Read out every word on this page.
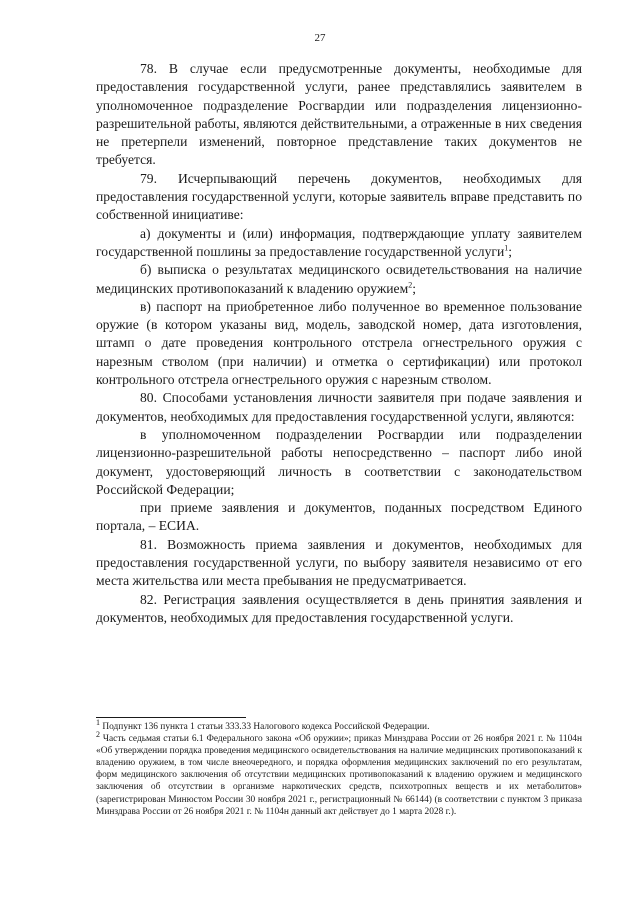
27

78. В случае если предусмотренные документы, необходимые для предоставления государственной услуги, ранее представлялись заявителем в уполномоченное подразделение Росгвардии или подразделения лицензионно-разрешительной работы, являются действительными, а отраженные в них сведения не претерпели изменений, повторное представление таких документов не требуется.

79. Исчерпывающий перечень документов, необходимых для предоставления государственной услуги, которые заявитель вправе представить по собственной инициативе:

а) документы и (или) информация, подтверждающие уплату заявителем государственной пошлины за предоставление государственной услуги$^1$;

б) выписка о результатах медицинского освидетельствования на наличие медицинских противопоказаний к владению оружием$^2$;

в) паспорт на приобретенное либо полученное во временное пользование оружие (в котором указаны вид, модель, заводской номер, дата изготовления, штамп о дате проведения контрольного отстрела огнестрельного оружия с нарезным стволом (при наличии) и отметка о сертификации) или протокол контрольного отстрела огнестрельного оружия с нарезным стволом.

80. Способами установления личности заявителя при подаче заявления и документов, необходимых для предоставления государственной услуги, являются:

в уполномоченном подразделении Росгвардии или подразделении лицензионно-разрешительной работы непосредственно – паспорт либо иной документ, удостоверяющий личность в соответствии с законодательством Российской Федерации;

при приеме заявления и документов, поданных посредством Единого портала, – ЕСИА.

81. Возможность приема заявления и документов, необходимых для предоставления государственной услуги, по выбору заявителя независимо от его места жительства или места пребывания не предусматривается.

82. Регистрация заявления осуществляется в день принятия заявления и документов, необходимых для предоставления государственной услуги.

$^1$ Подпункт 136 пункта 1 статьи 333.33 Налогового кодекса Российской Федерации.

$^2$ Часть седьмая статьи 6.1 Федерального закона «Об оружии»; приказ Минздрава России от 26 ноября 2021 г. № 1104н «Об утверждении порядка проведения медицинского освидетельствования на наличие медицинских противопоказаний к владению оружием, в том числе внеочередного, и порядка оформления медицинских заключений по его результатам, форм медицинского заключения об отсутствии медицинских противопоказаний к владению оружием и медицинского заключения об отсутствии в организме наркотических средств, психотропных веществ и их метаболитов» (зарегистрирован Минюстом России 30 ноября 2021 г., регистрационный № 66144) (в соответствии с пунктом 3 приказа Минздрава России от 26 ноября 2021 г. № 1104н данный акт действует до 1 марта 2028 г.).
